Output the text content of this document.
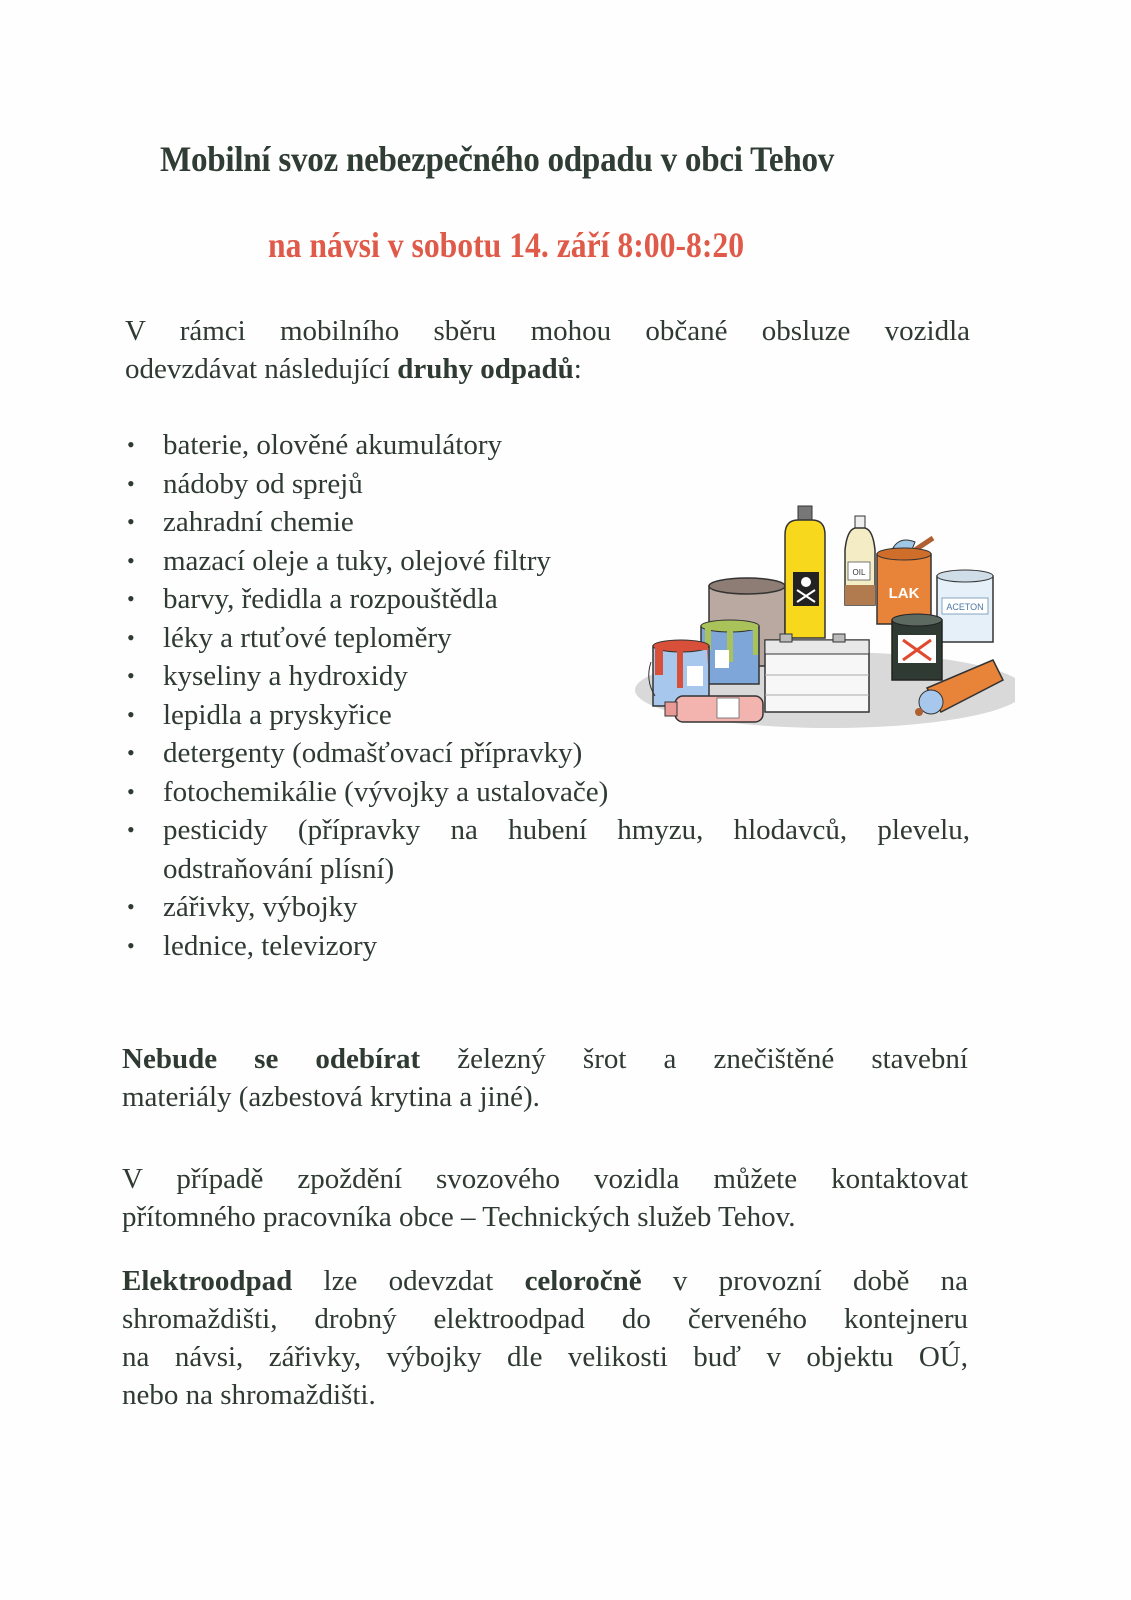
Mobilní svoz nebezpečného odpadu v obci Tehov
na návsi v sobotu 14. září 8:00-8:20

V rámci mobilního sběru mohou občané obsluze vozidla
odevzdávat následující druhy odpadů:

• baterie, olověné akumulátory
• nádoby od sprejů
• zahradní chemie
• mazací oleje a tuky, olejové filtry
• barvy, ředidla a rozpouštědla
• léky a rtuťové teploměry
• kyseliny a hydroxidy
• lepidla a pryskyřice
• detergenty (odmašťovací přípravky)
• fotochemikálie (vývojky a ustalovače)
• pesticidy (přípravky na hubení hmyzu, hlodavců, plevelu, odstraňování plísní)
• zářivky, výbojky
• lednice, televizory
OIL
LAK
ACETON

Nebude se odebírat železný šrot a znečištěné stavební
materiály (azbestová krytina a jiné).

V případě zpoždění svozového vozidla můžete kontaktovat
přítomného pracovníka obce – Technických služeb Tehov.

Elektroodpad lze odevzdat celoročně v provozní době na
shromaždišti, drobný elektroodpad do červeného kontejneru
na návsi, zářivky, výbojky dle velikosti buď v objektu OÚ,
nebo na shromaždišti.
